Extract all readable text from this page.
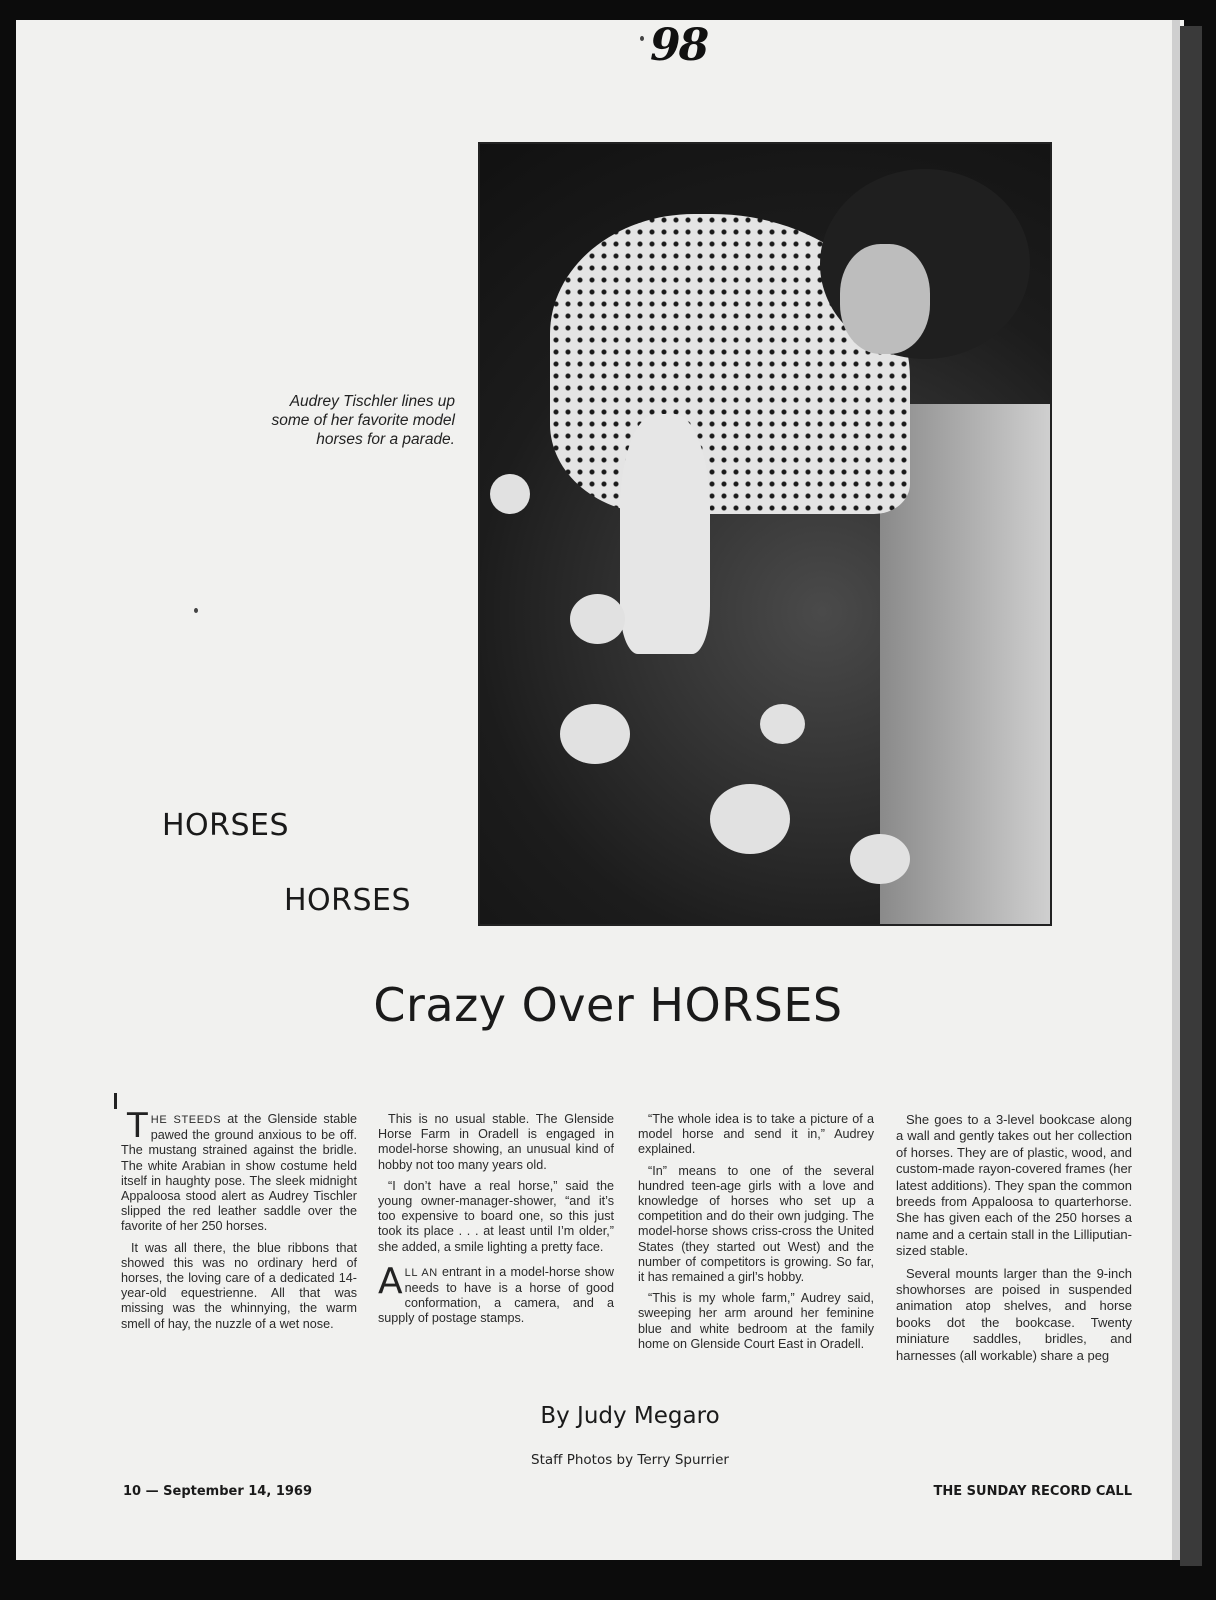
98
Audrey Tischler lines up some of her favorite model horses for a parade.
HORSES
HORSES
Crazy Over HORSES

THE STEEDS at the Glenside stable pawed the ground anxious to be off. The mustang strained against the bridle. The white Arabian in show costume held itself in haughty pose. The sleek midnight Appaloosa stood alert as Audrey Tischler slipped the red leather saddle over the favorite of her 250 horses.

It was all there, the blue ribbons that showed this was no ordinary herd of horses, the loving care of a dedicated 14-year-old equestrienne. All that was missing was the whinnying, the warm smell of hay, the nuzzle of a wet nose.

This is no usual stable. The Glenside Horse Farm in Oradell is engaged in model-horse showing, an unusual kind of hobby not too many years old.

“I don’t have a real horse,” said the young owner-manager-shower, “and it’s too expensive to board one, so this just took its place . . . at least until I’m older,” she added, a smile lighting a pretty face.

ALL AN entrant in a model-horse show needs to have is a horse of good conformation, a camera, and a supply of postage stamps.

“The whole idea is to take a picture of a model horse and send it in,” Audrey explained.

“In” means to one of the several hundred teen-age girls with a love and knowledge of horses who set up a competition and do their own judging. The model-horse shows criss-cross the United States (they started out West) and the number of competitors is growing. So far, it has remained a girl’s hobby.

“This is my whole farm,” Audrey said, sweeping her arm around her feminine blue and white bedroom at the family home on Glenside Court East in Oradell.

She goes to a 3-level bookcase along a wall and gently takes out her collection of horses. They are of plastic, wood, and custom-made rayon-covered frames (her latest additions). They span the common breeds from Appaloosa to quarterhorse. She has given each of the 250 horses a name and a certain stall in the Lilliputian-sized stable.

Several mounts larger than the 9-inch showhorses are poised in suspended animation atop shelves, and horse books dot the bookcase. Twenty miniature saddles, bridles, and harnesses (all workable) share a peg

By Judy Megaro
Staff Photos by Terry Spurrier
10 — September 14, 1969	THE SUNDAY RECORD CALL
